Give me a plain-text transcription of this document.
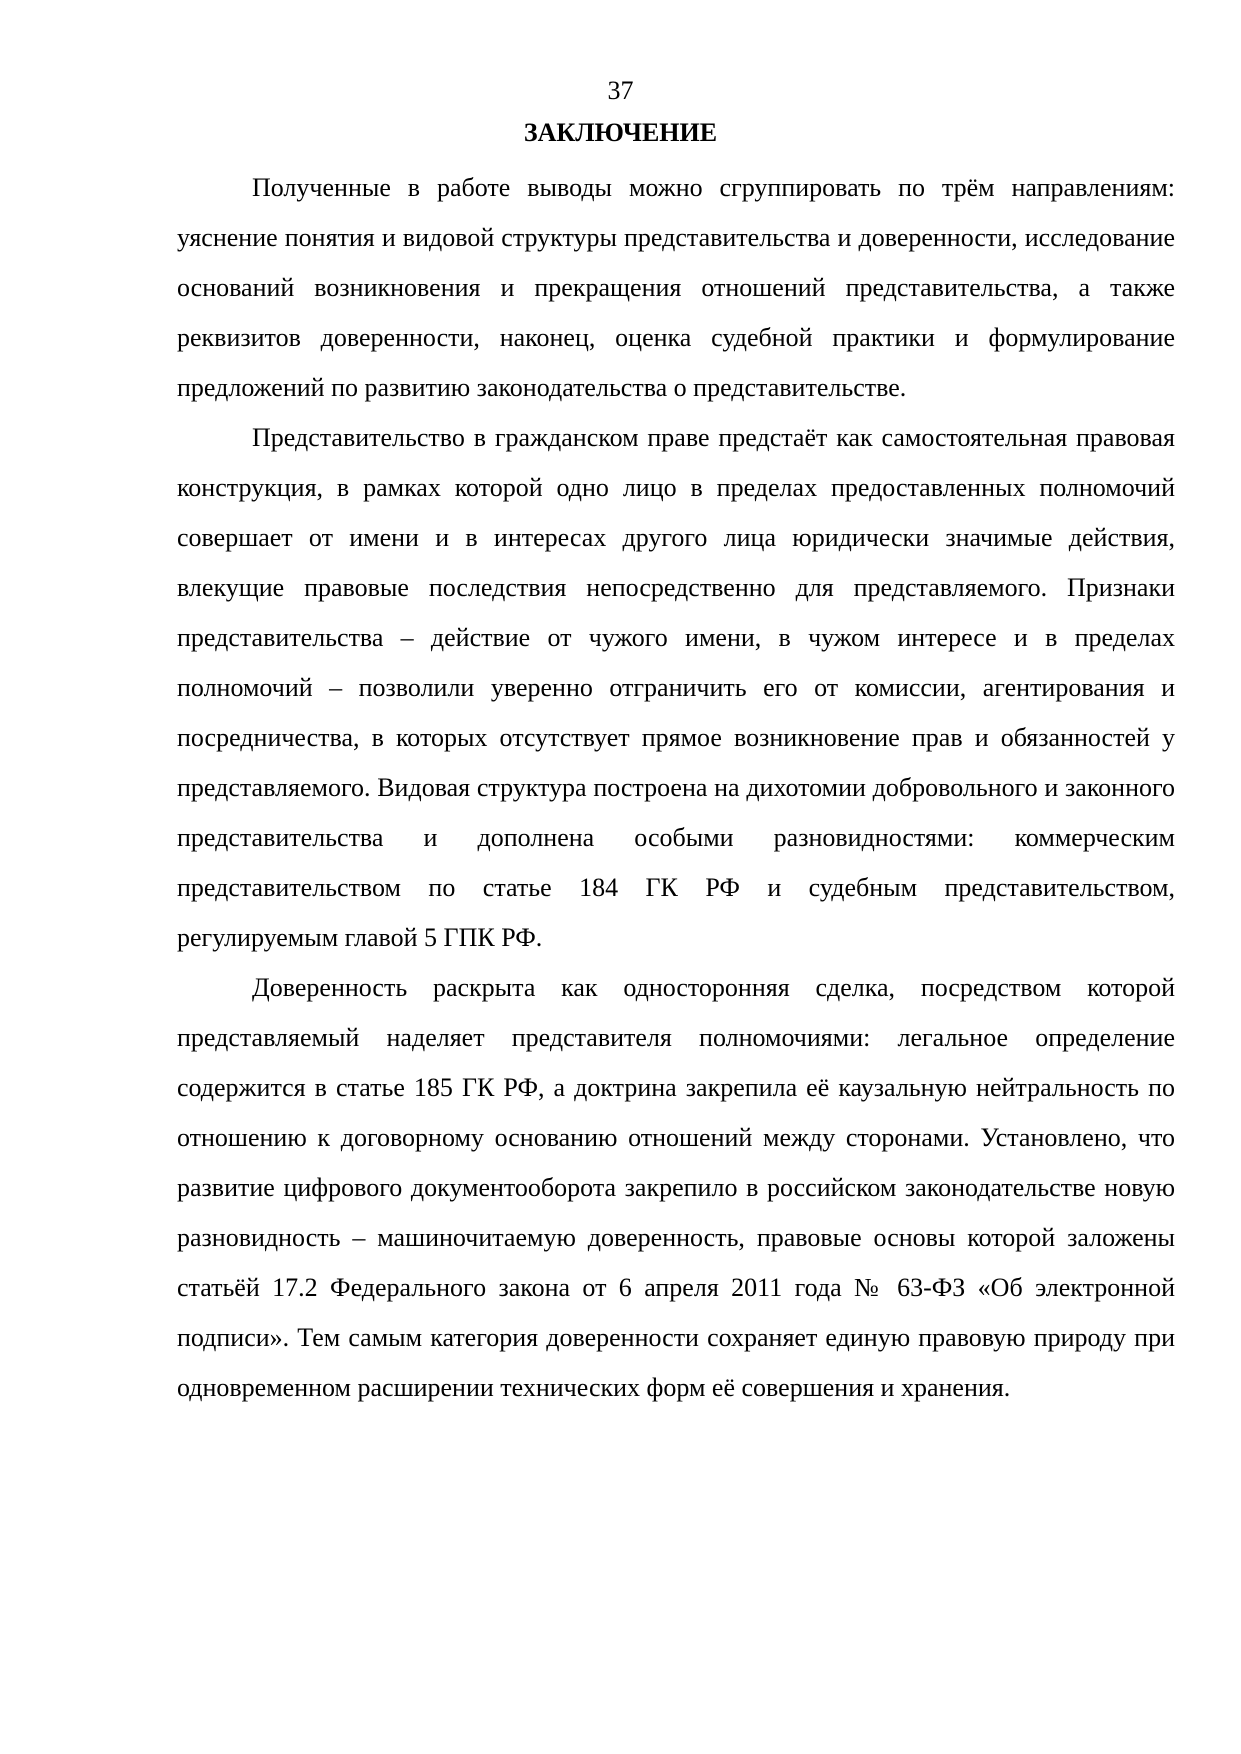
37
ЗАКЛЮЧЕНИЕ

Полученные в работе выводы можно сгруппировать по трём направлениям: уяснение понятия и видовой структуры представительства и доверенности, исследование оснований возникновения и прекращения отношений представительства, а также реквизитов доверенности, наконец, оценка судебной практики и формулирование предложений по развитию законодательства о представительстве.

Представительство в гражданском праве предстаёт как самостоятельная правовая конструкция, в рамках которой одно лицо в пределах предоставленных полномочий совершает от имени и в интересах другого лица юридически значимые действия, влекущие правовые последствия непосредственно для представляемого. Признаки представительства – действие от чужого имени, в чужом интересе и в пределах полномочий – позволили уверенно отграничить его от комиссии, агентирования и посредничества, в которых отсутствует прямое возникновение прав и обязанностей у представляемого. Видовая структура построена на дихотомии добровольного и законного представительства и дополнена особыми разновидностями: коммерческим представительством по статье 184 ГК РФ и судебным представительством, регулируемым главой 5 ГПК РФ.

Доверенность раскрыта как односторонняя сделка, посредством которой представляемый наделяет представителя полномочиями: легальное определение содержится в статье 185 ГК РФ, а доктрина закрепила её каузальную нейтральность по отношению к договорному основанию отношений между сторонами. Установлено, что развитие цифрового документооборота закрепило в российском законодательстве новую разновидность – машиночитаемую доверенность, правовые основы которой заложены статьёй 17.2 Федерального закона от 6 апреля 2011 года № 63-ФЗ «Об электронной подписи». Тем самым категория доверенности сохраняет единую правовую природу при одновременном расширении технических форм её совершения и хранения.
